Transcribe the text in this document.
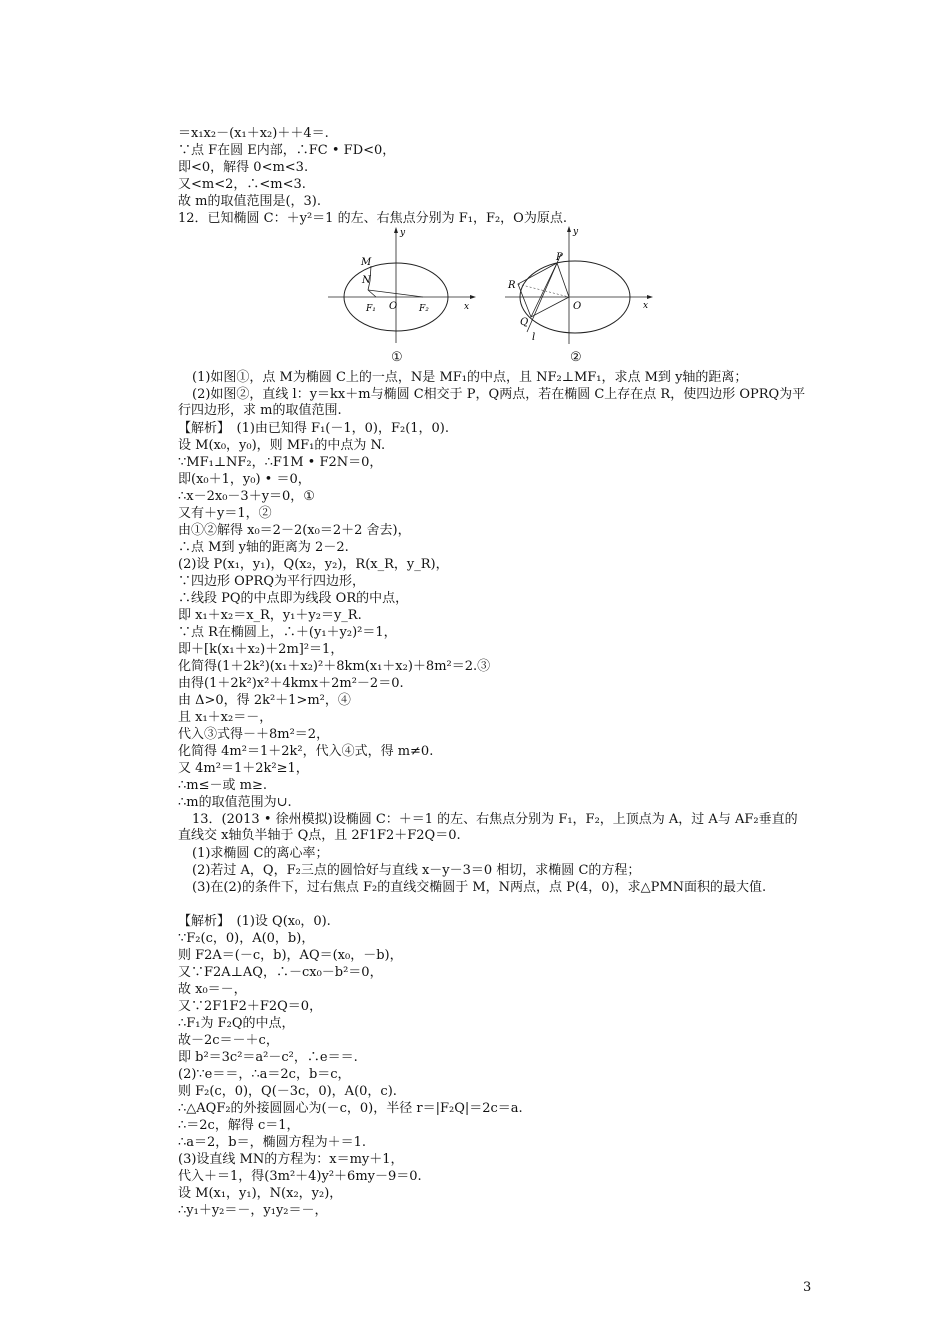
＝x₁x₂－(x₁＋x₂)＋＋4＝.
∵点 F在圆 E内部，∴FC • FD<0，
即<0，解得 0<m<3.
又<m<2，∴<m<3.
故 m的取值范围是(，3).
12．已知椭圆 C：＋y²＝1 的左、右焦点分别为 F₁，F₂，O为原点.
M
N
F₁ O F₂	x
y
①
P
R
Q
l
O	x
y
②
(1)如图①，点 M为椭圆 C上的一点，N是 MF₁的中点，且 NF₂⊥MF₁，求点 M到 y轴的距离；
(2)如图②，直线 l：y＝kx＋m与椭圆 C相交于 P，Q两点，若在椭圆 C上存在点 R，使四边形 OPRQ为平行四边形，求 m的取值范围.
【解析】　(1)由已知得 F₁(－1，0)，F₂(1，0).
设 M(x₀，y₀)，则 MF₁的中点为 N.
∵MF₁⊥NF₂，∴F1M • F2N＝0，
即(x₀＋1，y₀) • ＝0，
∴x－2x₀－3＋y＝0，①
又有＋y＝1，②
由①②解得 x₀＝2－2(x₀＝2＋2 舍去)，
∴点 M到 y轴的距离为 2－2.
(2)设 P(x₁，y₁)，Q(x₂，y₂)，R(x_R，y_R)，
∵四边形 OPRQ为平行四边形，
∴线段 PQ的中点即为线段 OR的中点，
即 x₁＋x₂＝x_R，y₁＋y₂＝y_R.
∵点 R在椭圆上，∴＋(y₁＋y₂)²＝1，
即＋[k(x₁＋x₂)＋2m]²＝1，
化简得(1＋2k²)(x₁＋x₂)²＋8km(x₁＋x₂)＋8m²＝2.③
由得(1＋2k²)x²＋4kmx＋2m²－2＝0.
由 Δ>0，得 2k²＋1>m²，④
且 x₁＋x₂＝－，
代入③式得－＋8m²＝2，
化简得 4m²＝1＋2k²，代入④式，得 m≠0.
又 4m²＝1＋2k²≥1，
∴m≤－或 m≥.
∴m的取值范围为∪.
13．(2013 • 徐州模拟)设椭圆 C：＋＝1 的左、右焦点分别为 F₁，F₂，上顶点为 A，过 A与 AF₂垂直的直线交 x轴负半轴于 Q点，且 2F1F2＋F2Q＝0.
(1)求椭圆 C的离心率；
(2)若过 A，Q，F₂三点的圆恰好与直线 x－y－3＝0 相切，求椭圆 C的方程；
(3)在(2)的条件下，过右焦点 F₂的直线交椭圆于 M，N两点，点 P(4，0)，求△PMN面积的最大值.
【解析】　(1)设 Q(x₀，0).
∵F₂(c，0)，A(0，b)，
则 F2A＝(－c，b)，AQ＝(x₀，－b)，
又∵F2A⊥AQ，∴－cx₀－b²＝0，
故 x₀＝－，
又∵2F1F2＋F2Q＝0，
∴F₁为 F₂Q的中点，
故－2c＝－＋c，
即 b²＝3c²＝a²－c²，∴e＝＝.
(2)∵e＝＝，∴a＝2c，b＝c，
则 F₂(c，0)，Q(－3c，0)，A(0，c).
∴△AQF₂的外接圆圆心为(－c，0)，半径 r＝|F₂Q|＝2c＝a.
∴＝2c，解得 c＝1，
∴a＝2，b＝，椭圆方程为＋＝1.
(3)设直线 MN的方程为：x＝my＋1，
代入＋＝1，得(3m²＋4)y²＋6my－9＝0.
设 M(x₁，y₁)，N(x₂，y₂)，
∴y₁＋y₂＝－，y₁y₂＝－，
3
